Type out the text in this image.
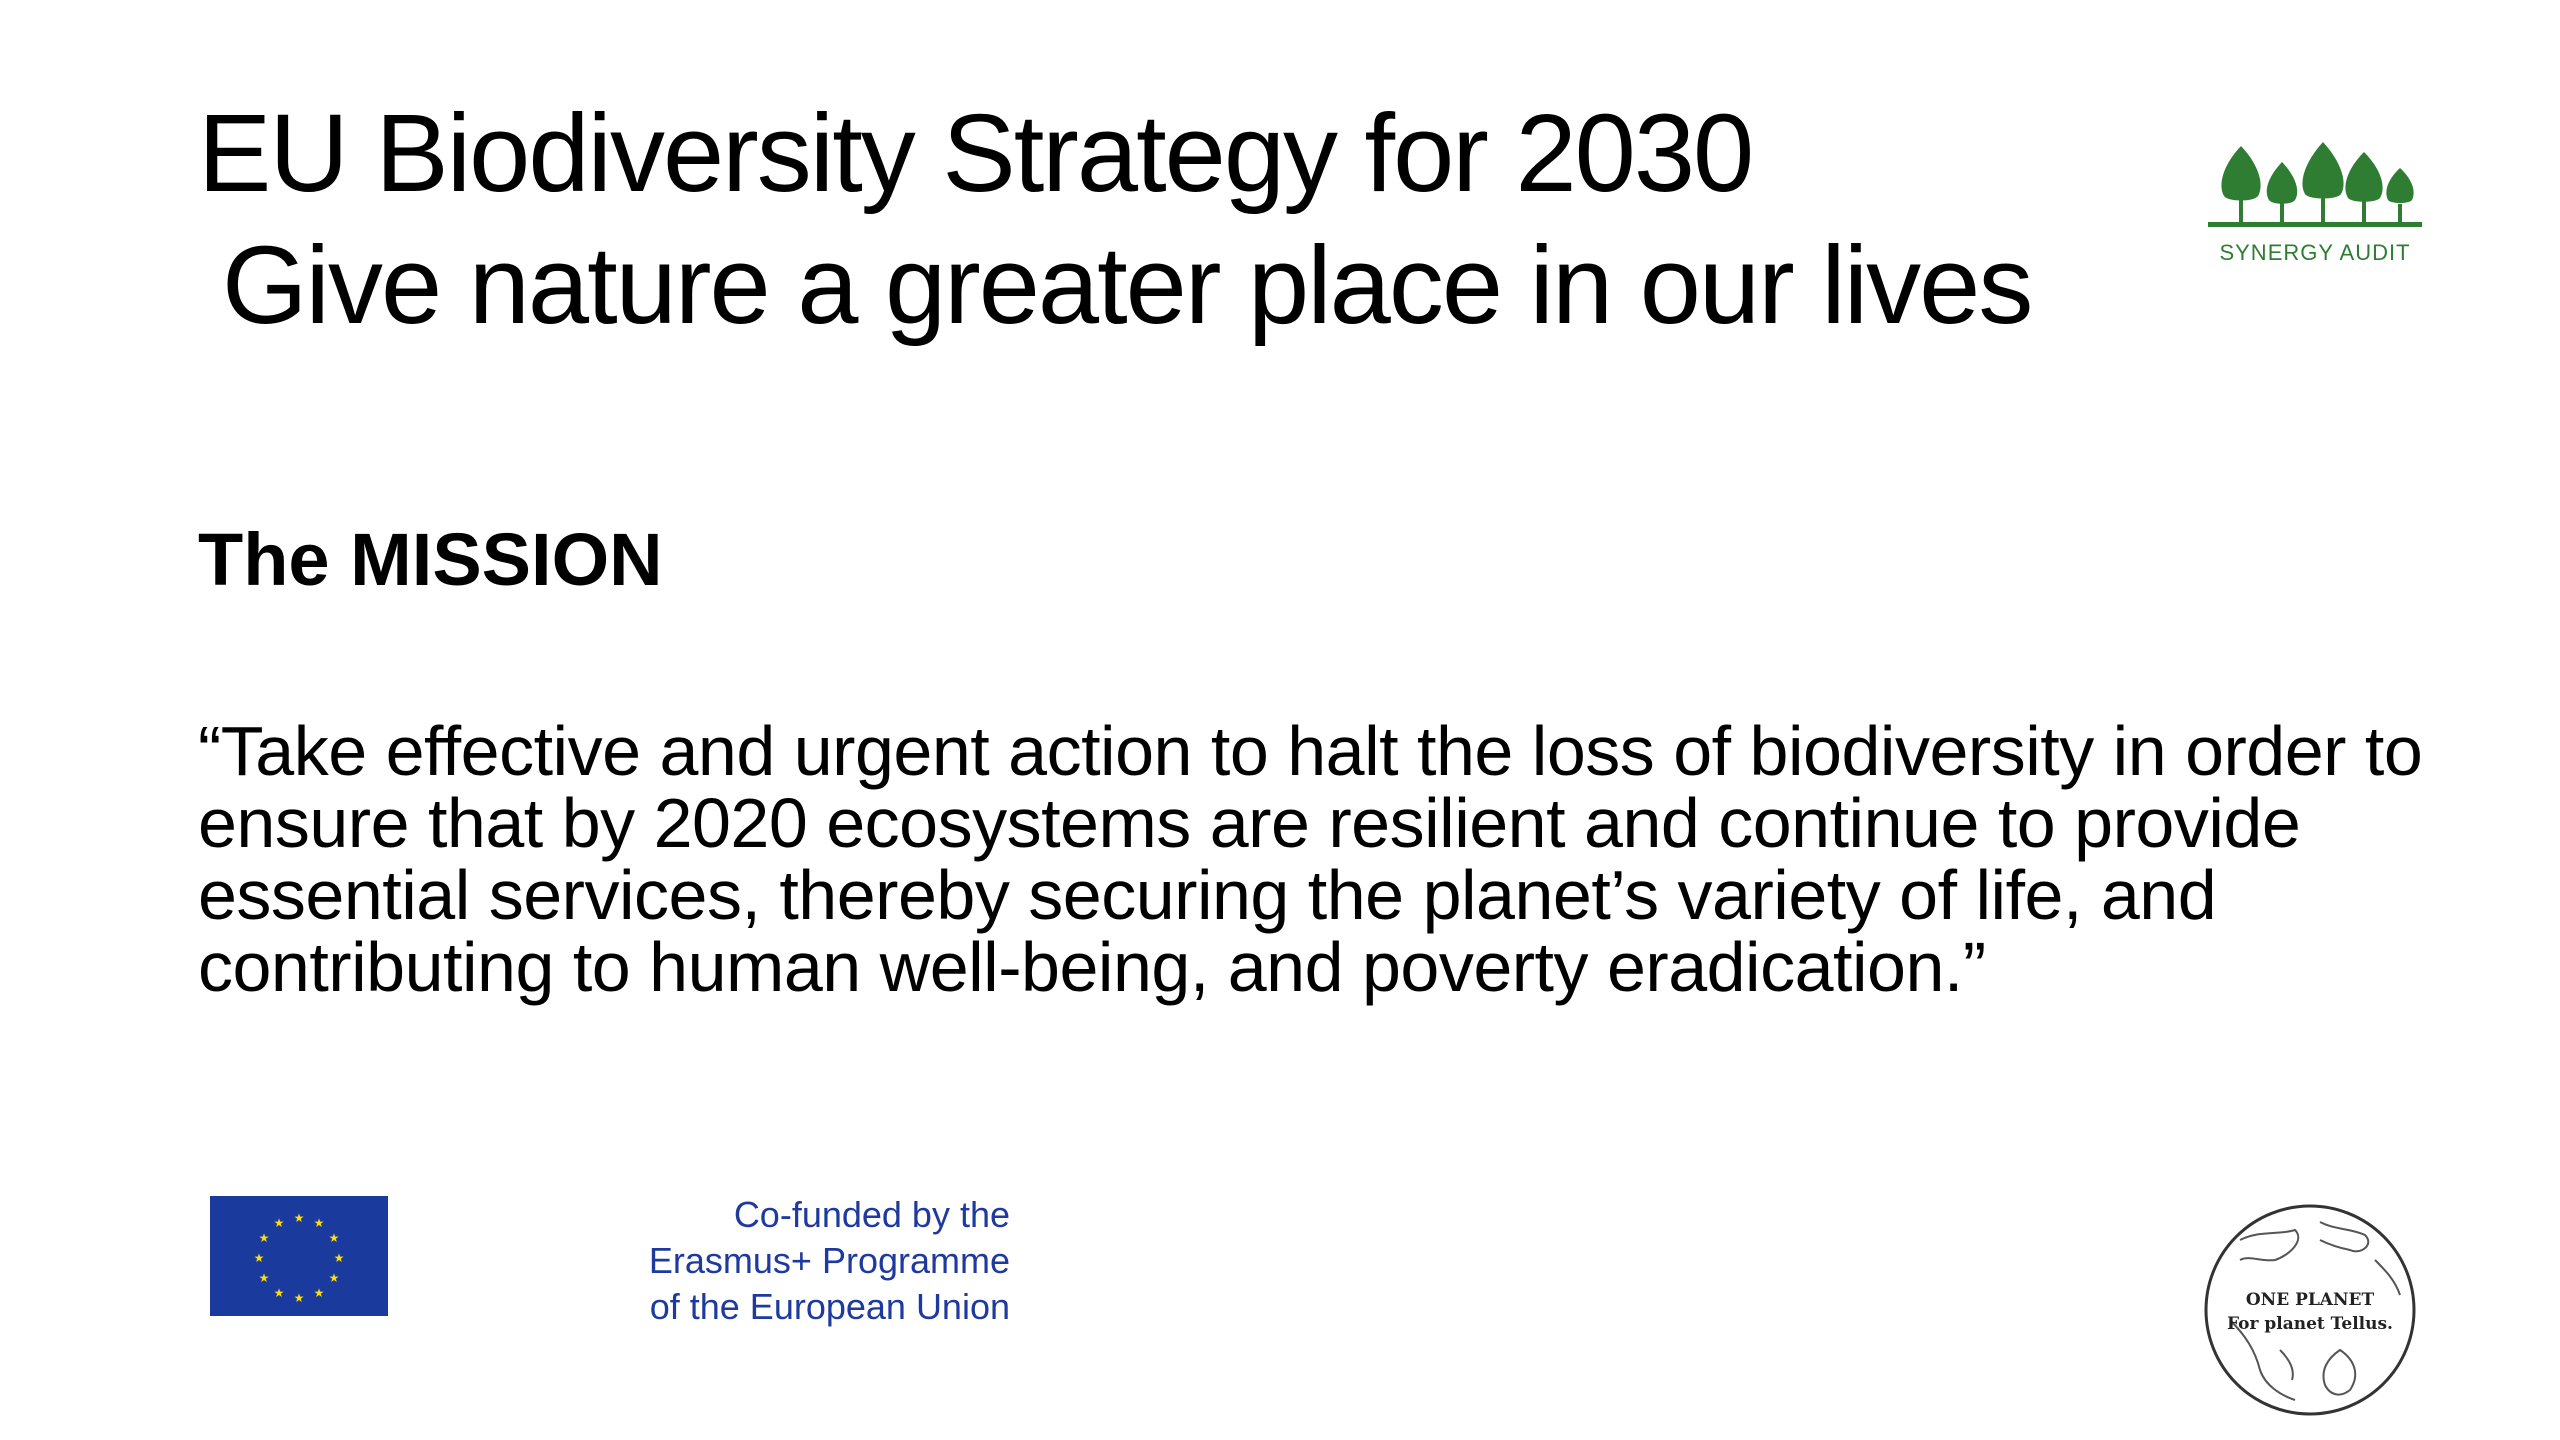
EU Biodiversity Strategy for 2030
Give nature a greater place in our lives	SYNERGY AUDIT
The MISSION

“Take effective and urgent action to halt the loss of biodiversity in order to ensure that by 2020 ecosystems are resilient and continue to provide essential services, thereby securing the planet’s variety of life, and contributing to human well-being, and poverty eradication.”

★ ★
★
★
★
★
★
★
★
★
★
★	Co-funded by the
Erasmus+ Programme
of the European Union	ONE PLANET
For planet Tellus.
